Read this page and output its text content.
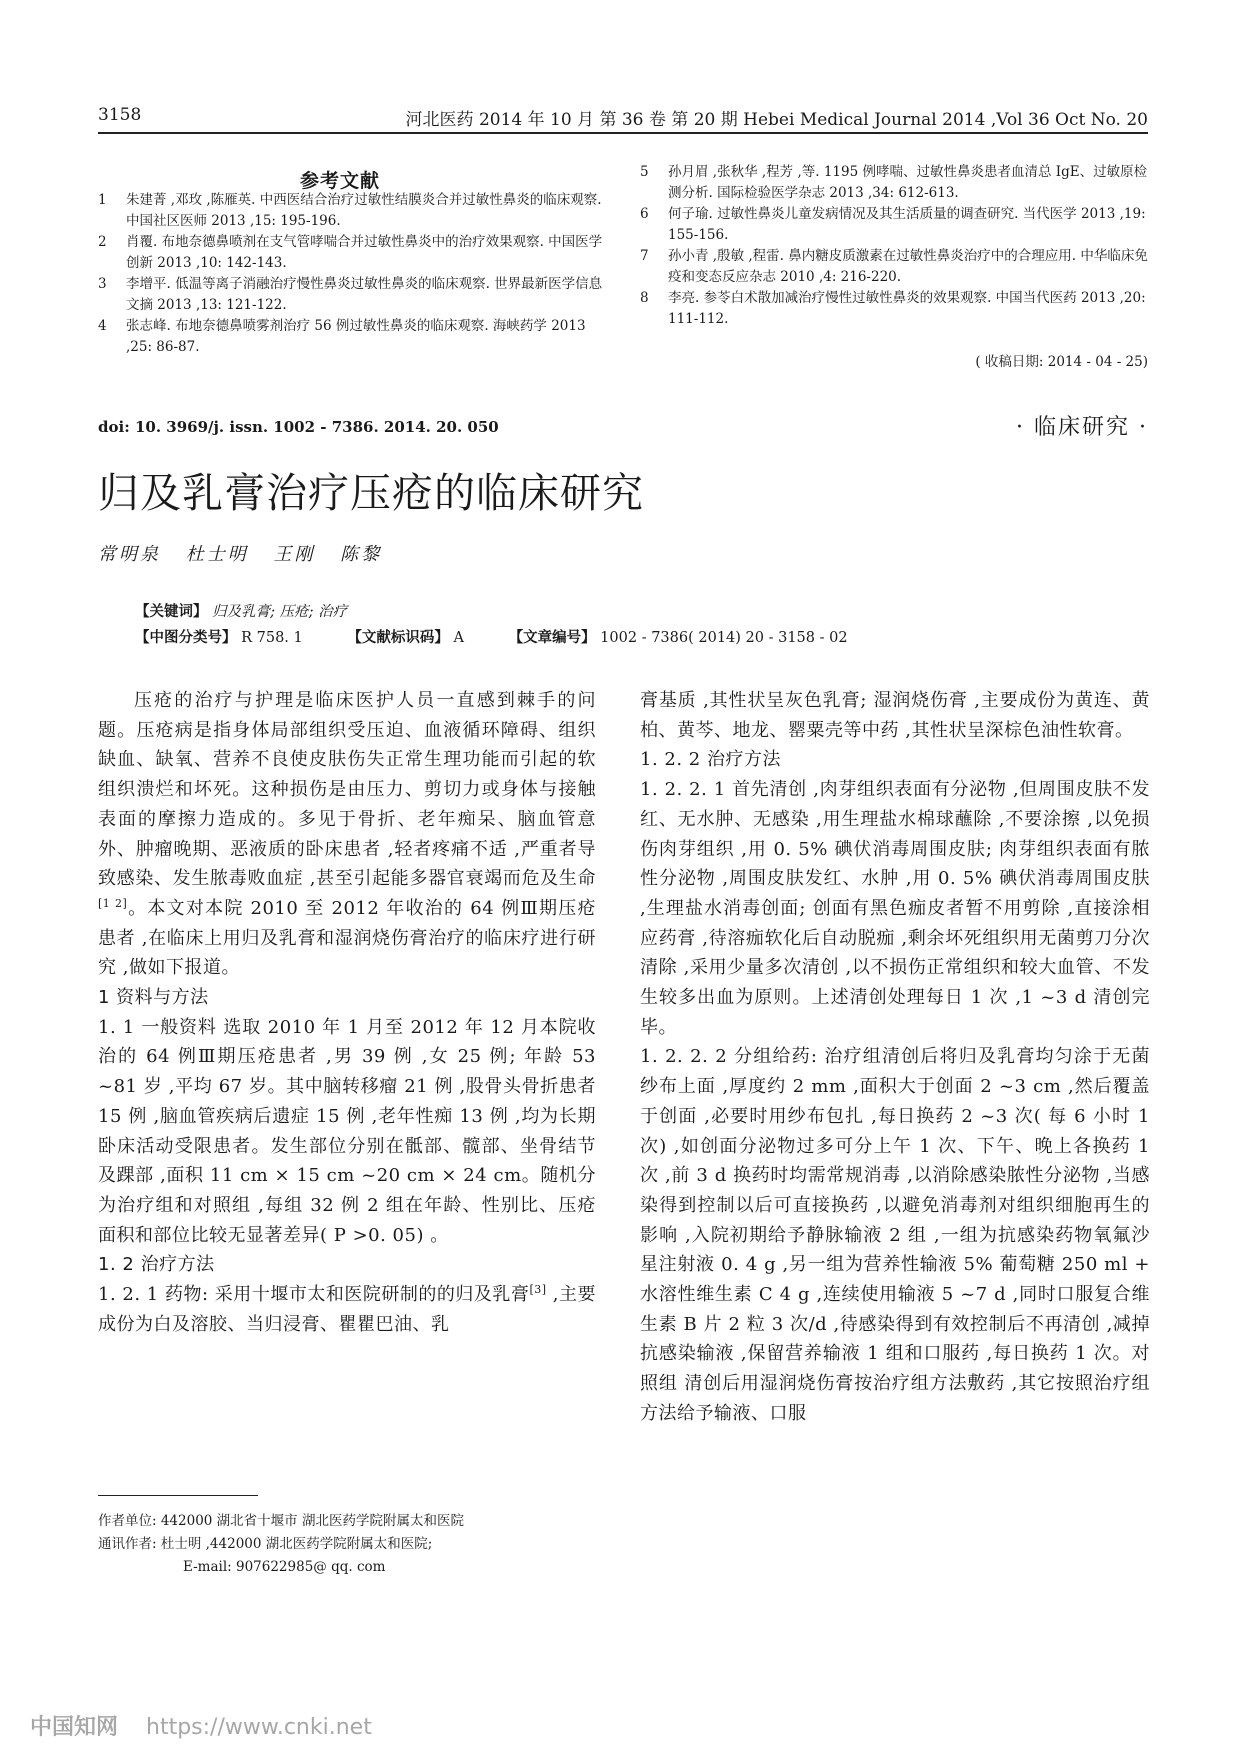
3158	河北医药 2014 年 10 月 第 36 卷 第 20 期 Hebei Medical Journal 2014 ,Vol 36 Oct No. 20
参考文献
1	朱建菁 ,邓玫 ,陈雁英. 中西医结合治疗过敏性结膜炎合并过敏性鼻炎的临床观察. 中国社区医师 2013 ,15: 195-196.
2	肖覆. 布地奈德鼻喷剂在支气管哮喘合并过敏性鼻炎中的治疗效果观察. 中国医学创新 2013 ,10: 142-143.
3	李增平. 低温等离子消融治疗慢性鼻炎过敏性鼻炎的临床观察. 世界最新医学信息文摘 2013 ,13: 121-122.
4	张志峰. 布地奈德鼻喷雾剂治疗 56 例过敏性鼻炎的临床观察. 海峡药学 2013 ,25: 86-87.
5	孙月眉 ,张秋华 ,程芳 ,等. 1195 例哮喘、过敏性鼻炎患者血清总 IgE、过敏原检测分析. 国际检验医学杂志 2013 ,34: 612-613.
6	何子瑜. 过敏性鼻炎儿童发病情况及其生活质量的调查研究. 当代医学 2013 ,19: 155-156.
7	孙小青 ,殷敏 ,程雷. 鼻内糖皮质激素在过敏性鼻炎治疗中的合理应用. 中华临床免疫和变态反应杂志 2010 ,4: 216-220.
8	李亮. 参苓白术散加减治疗慢性过敏性鼻炎的效果观察. 中国当代医药 2013 ,20: 111-112.
( 收稿日期: 2014 - 04 - 25)
doi: 10. 3969/j. issn. 1002 - 7386. 2014. 20. 050	· 临床研究 ·
归及乳膏治疗压疮的临床研究
常明泉 杜士明 王刚 陈黎
【关键词】 归及乳膏; 压疮; 治疗
【中图分类号】 R 758. 1	【文献标识码】 A	【文章编号】 1002 - 7386( 2014) 20 - 3158 - 02

压疮的治疗与护理是临床医护人员一直感到棘手的问题。压疮病是指身体局部组织受压迫、血液循环障碍、组织缺血、缺氧、营养不良使皮肤伤失正常生理功能而引起的软组织溃烂和坏死。这种损伤是由压力、剪切力或身体与接触表面的摩擦力造成的。多见于骨折、老年痴呆、脑血管意外、肿瘤晚期、恶液质的卧床患者 ,轻者疼痛不适 ,严重者导致感染、发生脓毒败血症 ,甚至引起能多器官衰竭而危及生命[1 2]。本文对本院 2010 至 2012 年收治的 64 例Ⅲ期压疮患者 ,在临床上用归及乳膏和湿润烧伤膏治疗的临床疗进行研究 ,做如下报道。

1 资料与方法

1. 1 一般资料 选取 2010 年 1 月至 2012 年 12 月本院收治的 64 例Ⅲ期压疮患者 ,男 39 例 ,女 25 例; 年龄 53 ~81 岁 ,平均 67 岁。其中脑转移瘤 21 例 ,股骨头骨折患者 15 例 ,脑血管疾病后遗症 15 例 ,老年性痴 13 例 ,均为长期卧床活动受限患者。发生部位分别在骶部、髋部、坐骨结节及踝部 ,面积 11 cm × 15 cm ~20 cm × 24 cm。随机分为治疗组和对照组 ,每组 32 例 2 组在年龄、性别比、压疮面积和部位比较无显著差异( P >0. 05) 。

1. 2 治疗方法

1. 2. 1 药物: 采用十堰市太和医院研制的的归及乳膏[3] ,主要成份为白及溶胶、当归浸膏、瞿瞿巴油、乳

膏基质 ,其性状呈灰色乳膏; 湿润烧伤膏 ,主要成份为黄连、黄柏、黄芩、地龙、罂粟壳等中药 ,其性状呈深棕色油性软膏。

1. 2. 2 治疗方法

1. 2. 2. 1 首先清创 ,肉芽组织表面有分泌物 ,但周围皮肤不发红、无水肿、无感染 ,用生理盐水棉球蘸除 ,不要涂擦 ,以免损伤肉芽组织 ,用 0. 5% 碘伏消毒周围皮肤; 肉芽组织表面有脓性分泌物 ,周围皮肤发红、水肿 ,用 0. 5% 碘伏消毒周围皮肤 ,生理盐水消毒创面; 创面有黑色痂皮者暂不用剪除 ,直接涂相应药膏 ,待溶痂软化后自动脱痂 ,剩余坏死组织用无菌剪刀分次清除 ,采用少量多次清创 ,以不损伤正常组织和较大血管、不发生较多出血为原则。上述清创处理每日 1 次 ,1 ~3 d 清创完毕。

1. 2. 2. 2 分组给药: 治疗组清创后将归及乳膏均匀涂于无菌纱布上面 ,厚度约 2 mm ,面积大于创面 2 ~3 cm ,然后覆盖于创面 ,必要时用纱布包扎 ,每日换药 2 ~3 次( 每 6 小时 1 次) ,如创面分泌物过多可分上午 1 次、下午、晚上各换药 1 次 ,前 3 d 换药时均需常规消毒 ,以消除感染脓性分泌物 ,当感染得到控制以后可直接换药 ,以避免消毒剂对组织细胞再生的影响 ,入院初期给予静脉输液 2 组 ,一组为抗感染药物氧氟沙星注射液 0. 4 g ,另一组为营养性输液 5% 葡萄糖 250 ml + 水溶性维生素 C 4 g ,连续使用输液 5 ~7 d ,同时口服复合维生素 B 片 2 粒 3 次/d ,待感染得到有效控制后不再清创 ,减掉抗感染输液 ,保留营养输液 1 组和口服药 ,每日换药 1 次。对照组 清创后用湿润烧伤膏按治疗组方法敷药 ,其它按照治疗组方法给予输液、口服

作者单位: 442000 湖北省十堰市 湖北医药学院附属太和医院
通讯作者: 杜士明 ,442000 湖北医药学院附属太和医院;
E-mail: 907622985@ qq. com
中国知网 https://www.cnki.net
